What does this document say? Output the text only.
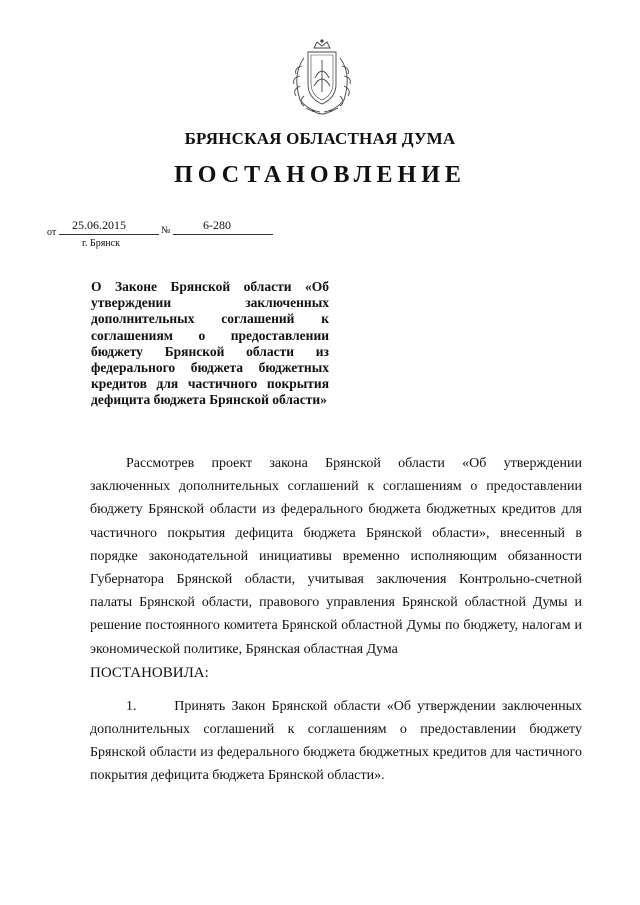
БРЯНСКАЯ ОБЛАСТНАЯ ДУМА
ПОСТАНОВЛЕНИЕ
от
25.06.2015	№	6-280
г. Брянск
О Законе Брянской области «Об утверждении заключенных дополнительных соглашений к соглашениям о предоставлении бюджету Брянской области из федерального бюджета бюджетных кредитов для частичного покрытия дефицита бюджета Брянской области»

Рассмотрев проект закона Брянской области «Об утверждении заключенных дополнительных соглашений к соглашениям о предоставлении бюджету Брянской области из федерального бюджета бюджетных кредитов для частичного покрытия дефицита бюджета Брянской области», внесенный в порядке законодательной инициативы временно исполняющим обязанности Губернатора Брянской области, учитывая заключения Контрольно-счетной палаты Брянской области, правового управления Брянской областной Думы и решение постоянного комитета Брянской областной Думы по бюджету, налогам и экономической политике, Брянская областная Дума

ПОСТАНОВИЛА:

1.	Принять Закон Брянской области «Об утверждении заключенных дополнительных соглашений к соглашениям о предоставлении бюджету Брянской области из федерального бюджета бюджетных кредитов для частичного покрытия дефицита бюджета Брянской области».
